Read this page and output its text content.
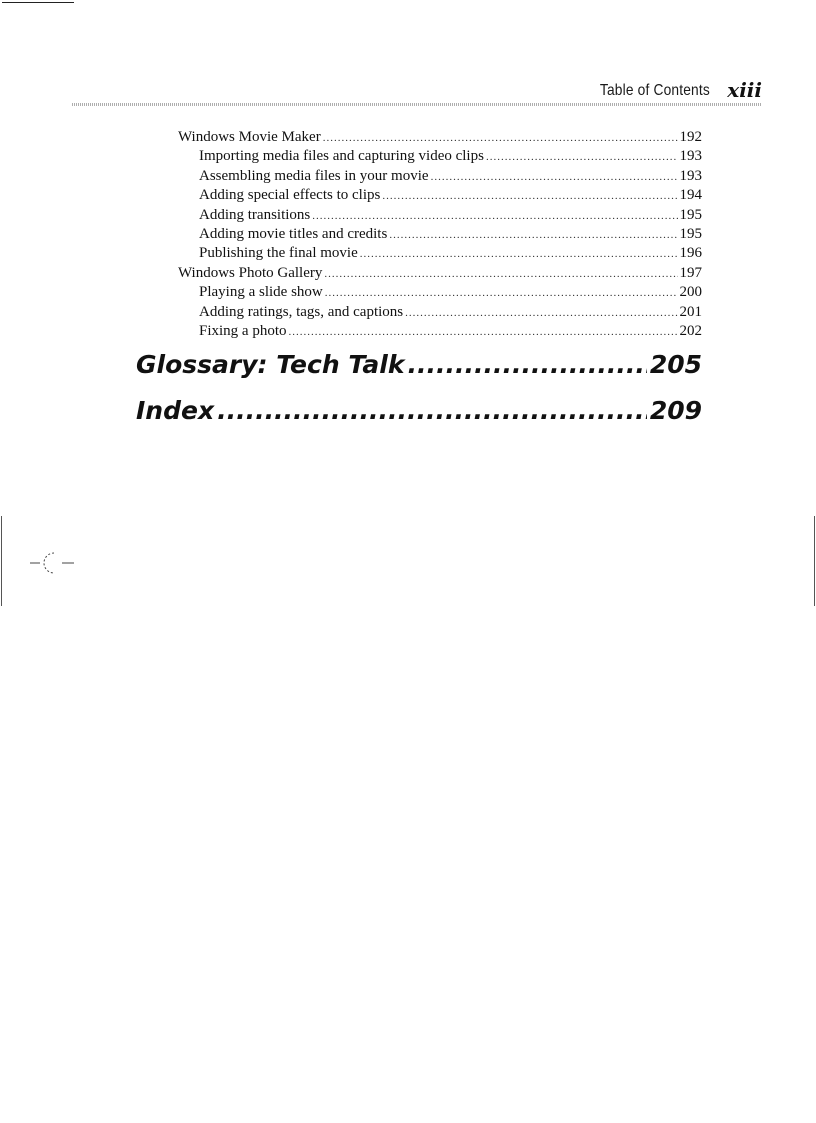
Table of Contents xiii
Windows Movie Maker .....	192
Importing media files and capturing video clips .....	193
Assembling media files in your movie .....	193
Adding special effects to clips .....	194
Adding transitions .....	195
Adding movie titles and credits .....	195
Publishing the final movie .....	196
Windows Photo Gallery .....	197
Playing a slide show .....	200
Adding ratings, tags, and captions .....	201
Fixing a photo .....	202
Glossary: Tech Talk .....	205
Index .....	209
